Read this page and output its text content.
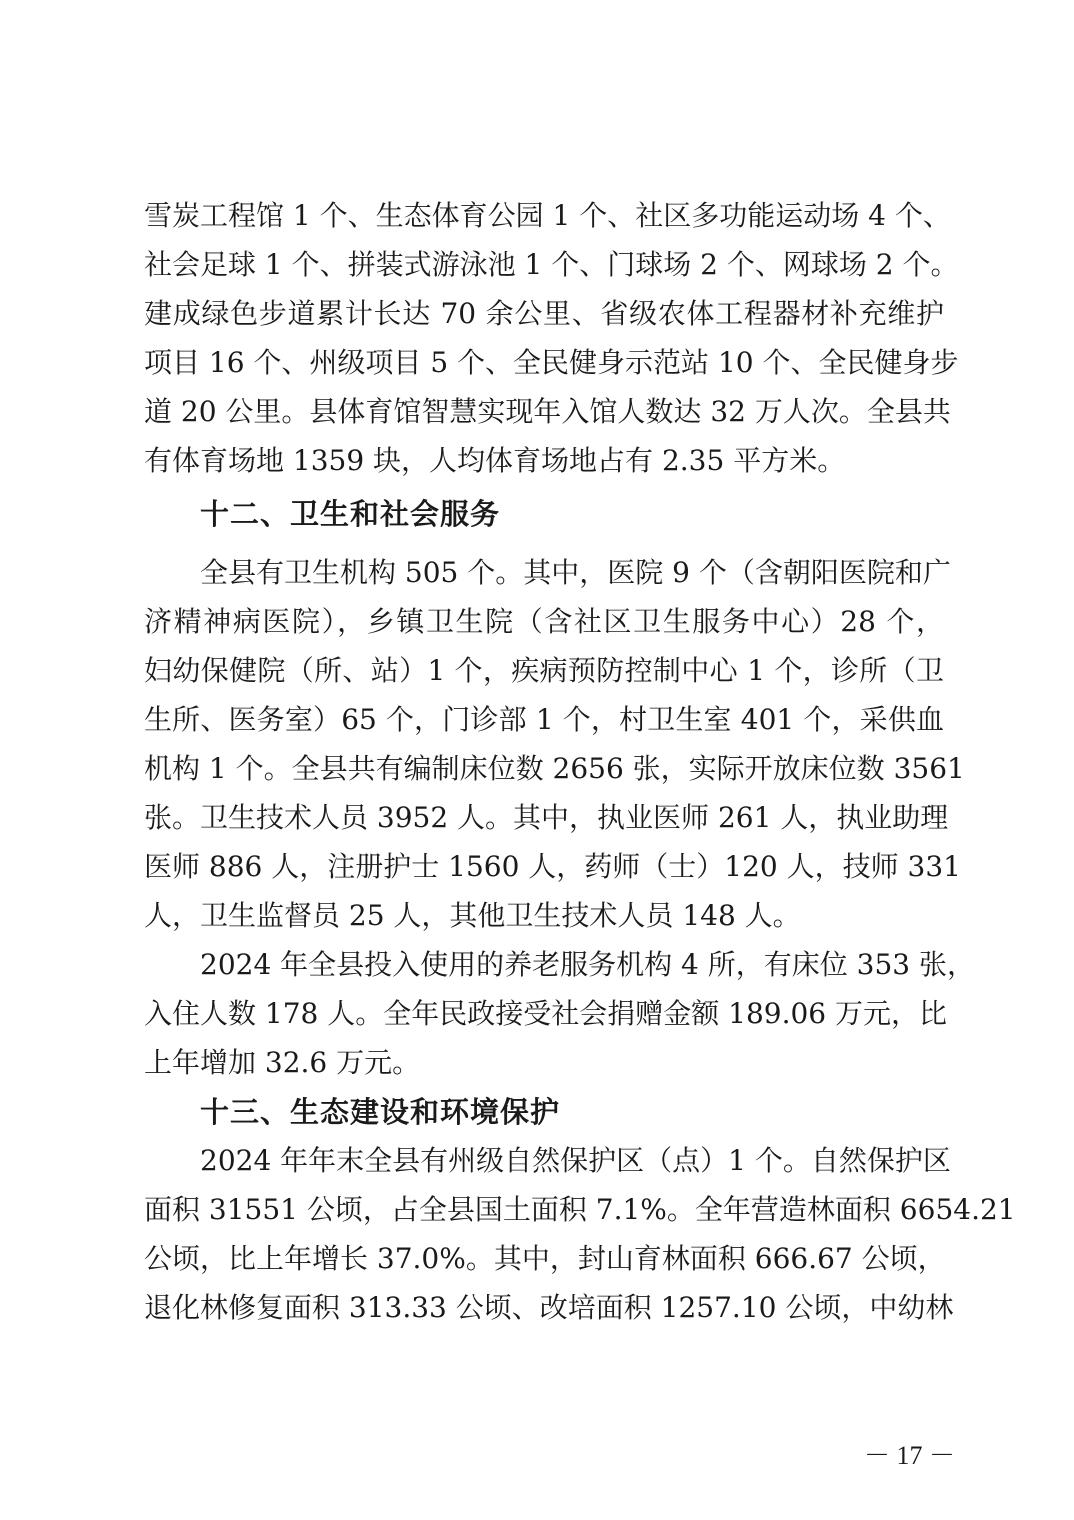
雪炭工程馆 1 个、生态体育公园 1 个、社区多功能运动场 4 个、
社会足球 1 个、拼装式游泳池 1 个、门球场 2 个、网球场 2 个。
建成绿色步道累计长达 70 余公里、省级农体工程器材补充维护
项目 16 个、州级项目 5 个、全民健身示范站 10 个、全民健身步
道 20 公里。县体育馆智慧实现年入馆人数达 32 万人次。全县共
有体育场地 1359 块，人均体育场地占有 2.35 平方米。
十二、卫生和社会服务
全县有卫生机构 505 个。其中，医院 9 个（含朝阳医院和广
济精神病医院），乡镇卫生院（含社区卫生服务中心）28 个，
妇幼保健院（所、站）1 个，疾病预防控制中心 1 个，诊所（卫
生所、医务室）65 个，门诊部 1 个，村卫生室 401 个，采供血
机构 1 个。全县共有编制床位数 2656 张，实际开放床位数 3561
张。卫生技术人员 3952 人。其中，执业医师 261 人，执业助理
医师 886 人，注册护士 1560 人，药师（士）120 人，技师 331
人，卫生监督员 25 人，其他卫生技术人员 148 人。
2024 年全县投入使用的养老服务机构 4 所，有床位 353 张，
入住人数 178 人。全年民政接受社会捐赠金额 189.06 万元，比
上年增加 32.6 万元。
十三、生态建设和环境保护
2024 年年末全县有州级自然保护区（点）1 个。自然保护区
面积 31551 公顷，占全县国土面积 7.1%。全年营造林面积 6654.21
公顷，比上年增长 37.0%。其中，封山育林面积 666.67 公顷，
退化林修复面积 313.33 公顷、改培面积 1257.10 公顷，中幼林
－ 17 －
